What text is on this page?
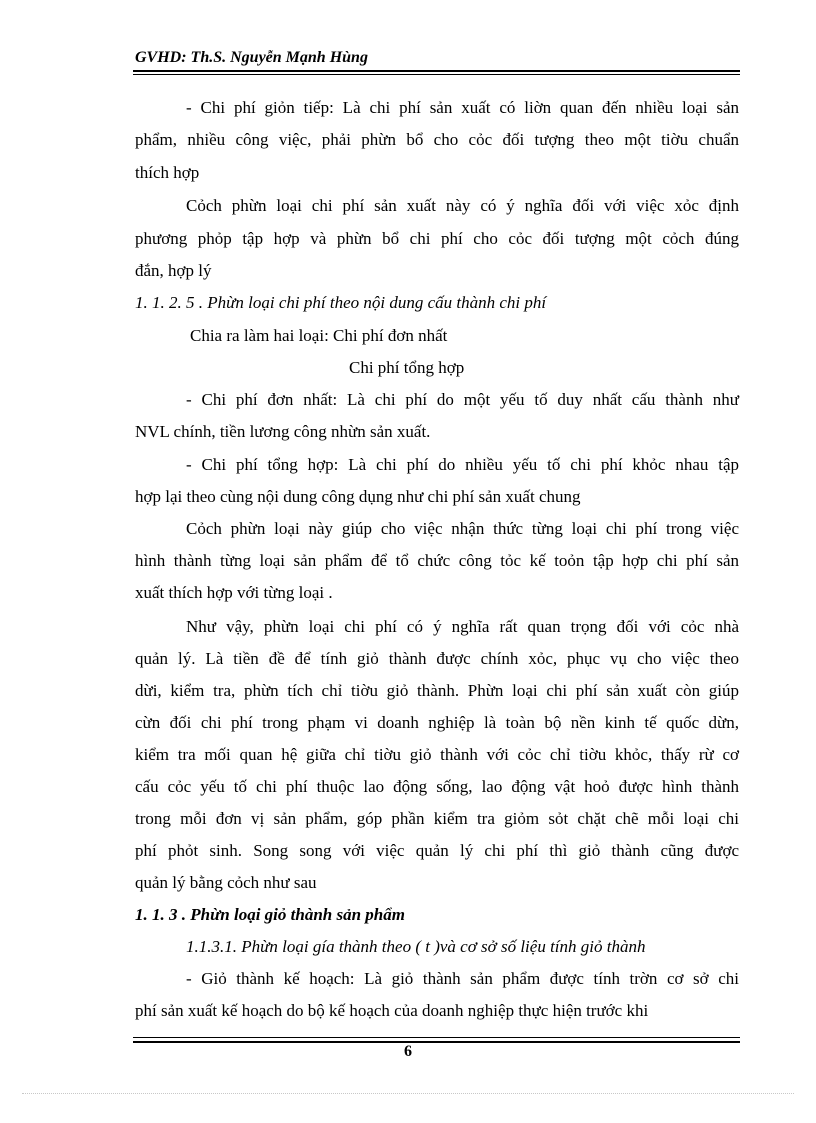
GVHD: Th.S. Nguyễn Mạnh Hùng
- Chi phí giỏn tiếp: Là chi phí sản xuất có liờn quan đến nhiều loại sản
phẩm, nhiều công việc, phải phừn bổ cho cỏc đối tượng theo một tiờu chuẩn
thích hợp
Cỏch phừn loại chi phí sản xuất này có ý nghĩa đối với việc xỏc định
phương phỏp tập hợp và phừn bổ chi phí cho cỏc đối tượng một cỏch đúng
đắn, hợp lý
1. 1. 2. 5 . Phừn loại chi phí theo nội dung cấu thành chi phí
Chia ra làm hai loại: Chi phí đơn nhất
Chi phí tổng hợp
- Chi phí đơn nhất: Là chi phí do một yếu tố duy nhất cấu thành như
NVL chính, tiền lương công nhừn sản xuất.
- Chi phí tổng hợp: Là chi phí do nhiều yếu tố chi phí khỏc nhau tập
hợp lại theo cùng nội dung công dụng như chi phí sản xuất chung
Cỏch phừn loại này giúp cho việc nhận thức từng loại chi phí trong việc
hình thành từng loại sản phẩm để tổ chức công tỏc kế toỏn tập hợp chi phí sản
xuất thích hợp với từng loại .
Như vậy, phừn loại chi phí có ý nghĩa rất quan trọng đối với cỏc nhà
quản lý. Là tiền đề để tính giỏ thành được chính xỏc, phục vụ cho việc theo
dừi, kiểm tra, phừn tích chỉ tiờu giỏ thành. Phừn loại chi phí sản xuất còn giúp
cừn đối chi phí trong phạm vi doanh nghiệp là toàn bộ nền kinh tế quốc dừn,
kiểm tra mối quan hệ giữa chỉ tiờu giỏ thành với cỏc chỉ tiờu khỏc, thấy rừ cơ
cấu cỏc yếu tố chi phí thuộc lao động sống, lao động vật hoỏ được hình thành
trong mỗi đơn vị sản phẩm, góp phần kiểm tra giỏm sỏt chặt chẽ mỗi loại chi
phí phỏt sinh. Song song với việc quản lý chi phí thì giỏ thành cũng được
quản lý bằng cỏch như sau
1. 1. 3 . Phừn loại giỏ thành sản phẩm
1.1.3.1. Phừn loại gía thành theo ( t )và cơ sở số liệu tính giỏ thành
- Giỏ thành kế hoạch: Là giỏ thành sản phẩm được tính trờn cơ sở chi
phí sản xuất kế hoạch do bộ kế hoạch của doanh nghiệp thực hiện trước khi
6
